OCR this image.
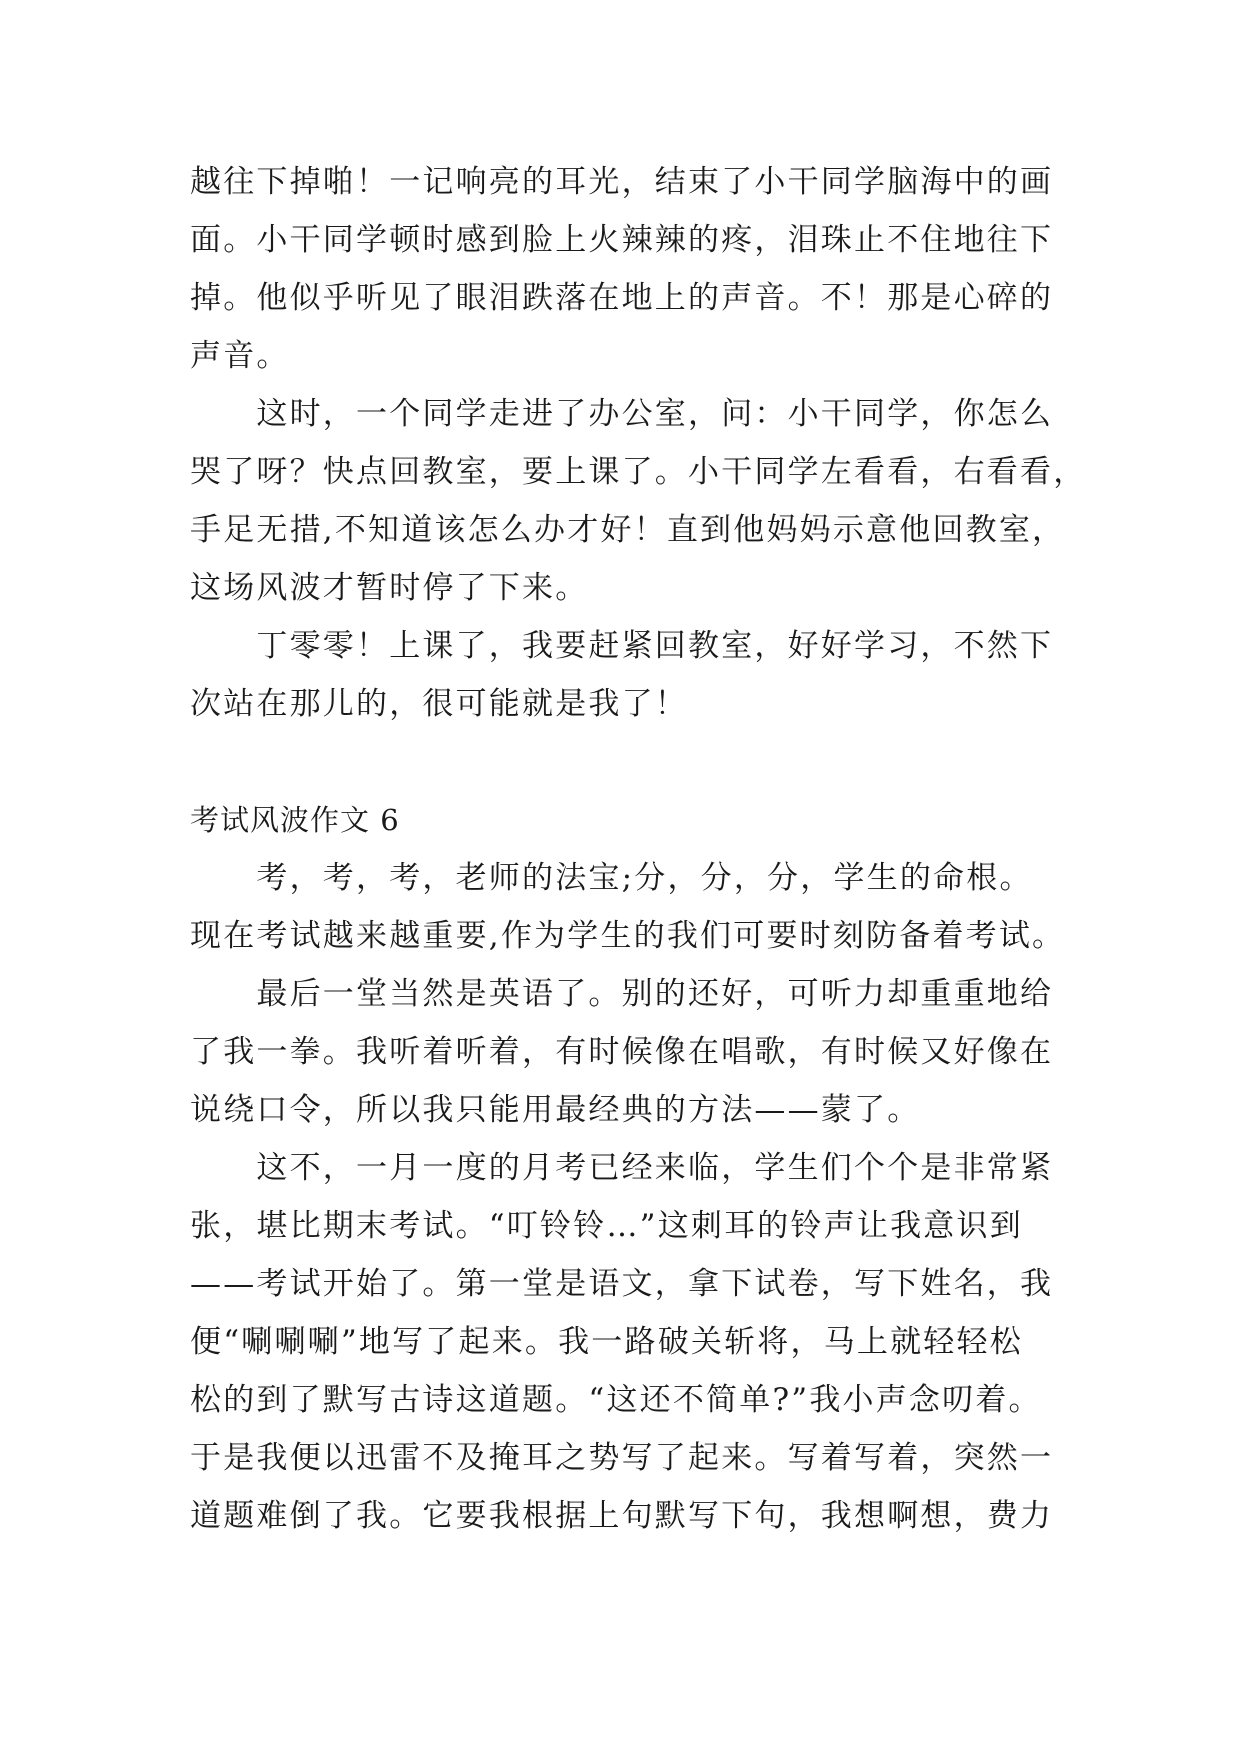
越往下掉啪！一记响亮的耳光，结束了小干同学脑海中的画
面。小干同学顿时感到脸上火辣辣的疼，泪珠止不住地往下
掉。他似乎听见了眼泪跌落在地上的声音。不！那是心碎的
声音。
　　这时，一个同学走进了办公室，问：小干同学，你怎么
哭了呀？快点回教室，要上课了。小干同学左看看，右看看，
手足无措,不知道该怎么办才好！直到他妈妈示意他回教室，
这场风波才暂时停了下来。
　　丁零零！上课了，我要赶紧回教室，好好学习，不然下
次站在那儿的，很可能就是我了！
考试风波作文 6
　　考，考，考，老师的法宝;分，分，分，学生的命根。
现在考试越来越重要,作为学生的我们可要时刻防备着考试。
　　最后一堂当然是英语了。别的还好，可听力却重重地给
了我一拳。我听着听着，有时候像在唱歌，有时候又好像在
说绕口令，所以我只能用最经典的方法——蒙了。
　　这不，一月一度的月考已经来临，学生们个个是非常紧
张，堪比期末考试。“叮铃铃…”这刺耳的铃声让我意识到
——考试开始了。第一堂是语文，拿下试卷，写下姓名，我
便“唰唰唰”地写了起来。我一路破关斩将，马上就轻轻松
松的到了默写古诗这道题。“这还不简单?”我小声念叨着。
于是我便以迅雷不及掩耳之势写了起来。写着写着，突然一
道题难倒了我。它要我根据上句默写下句，我想啊想，费力
